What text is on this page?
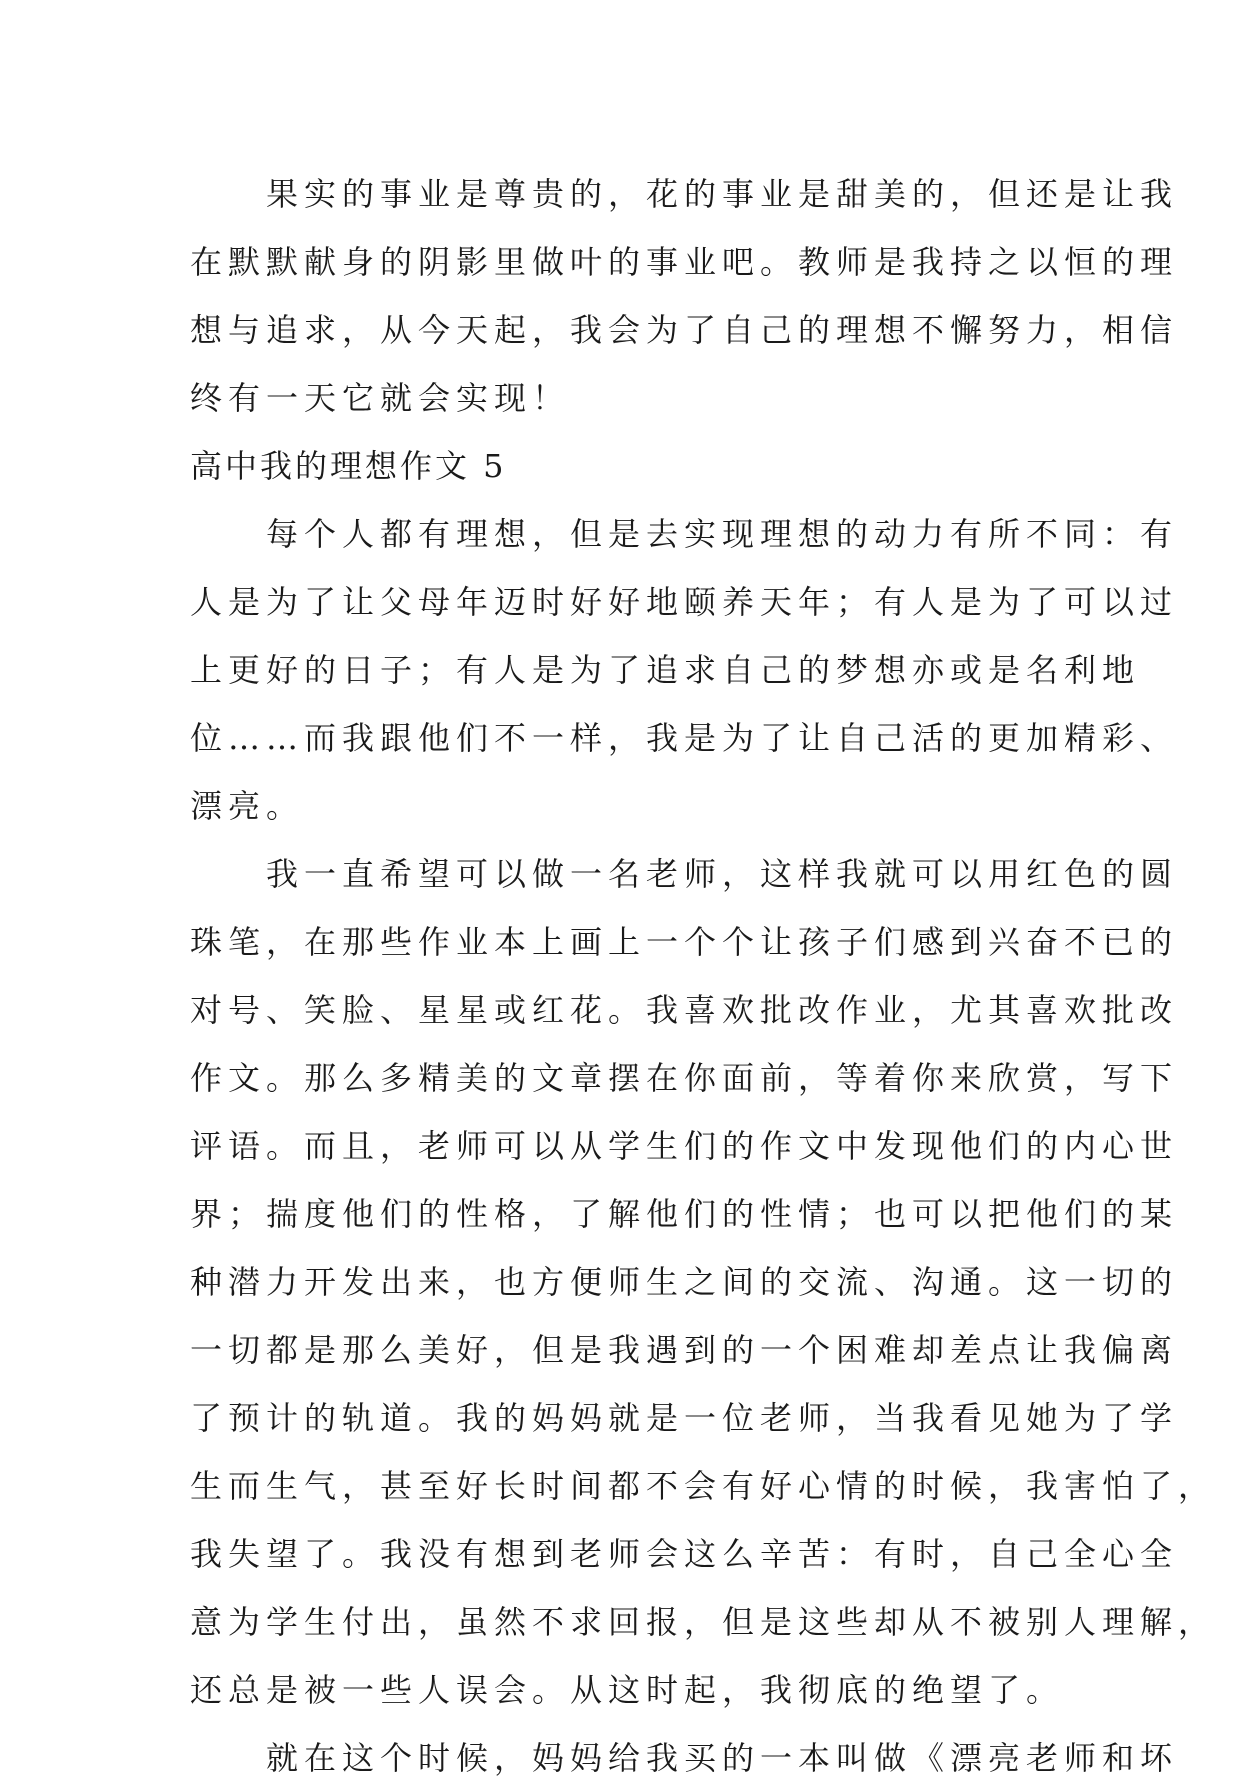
　　果实的事业是尊贵的，花的事业是甜美的，但还是让我
在默默献身的阴影里做叶的事业吧。教师是我持之以恒的理
想与追求，从今天起，我会为了自己的理想不懈努力，相信
终有一天它就会实现！
高中我的理想作文 5
　　每个人都有理想，但是去实现理想的动力有所不同：有
人是为了让父母年迈时好好地颐养天年；有人是为了可以过
上更好的日子；有人是为了追求自己的梦想亦或是名利地
位……而我跟他们不一样，我是为了让自己活的更加精彩、
漂亮。
　　我一直希望可以做一名老师，这样我就可以用红色的圆
珠笔，在那些作业本上画上一个个让孩子们感到兴奋不已的
对号、笑脸、星星或红花。我喜欢批改作业，尤其喜欢批改
作文。那么多精美的文章摆在你面前，等着你来欣赏，写下
评语。而且，老师可以从学生们的作文中发现他们的内心世
界；揣度他们的性格，了解他们的性情；也可以把他们的某
种潜力开发出来，也方便师生之间的交流、沟通。这一切的
一切都是那么美好，但是我遇到的一个困难却差点让我偏离
了预计的轨道。我的妈妈就是一位老师，当我看见她为了学
生而生气，甚至好长时间都不会有好心情的时候，我害怕了，
我失望了。我没有想到老师会这么辛苦：有时，自己全心全
意为学生付出，虽然不求回报，但是这些却从不被别人理解，
还总是被一些人误会。从这时起，我彻底的绝望了。
　　就在这个时候，妈妈给我买的一本叫做《漂亮老师和坏
